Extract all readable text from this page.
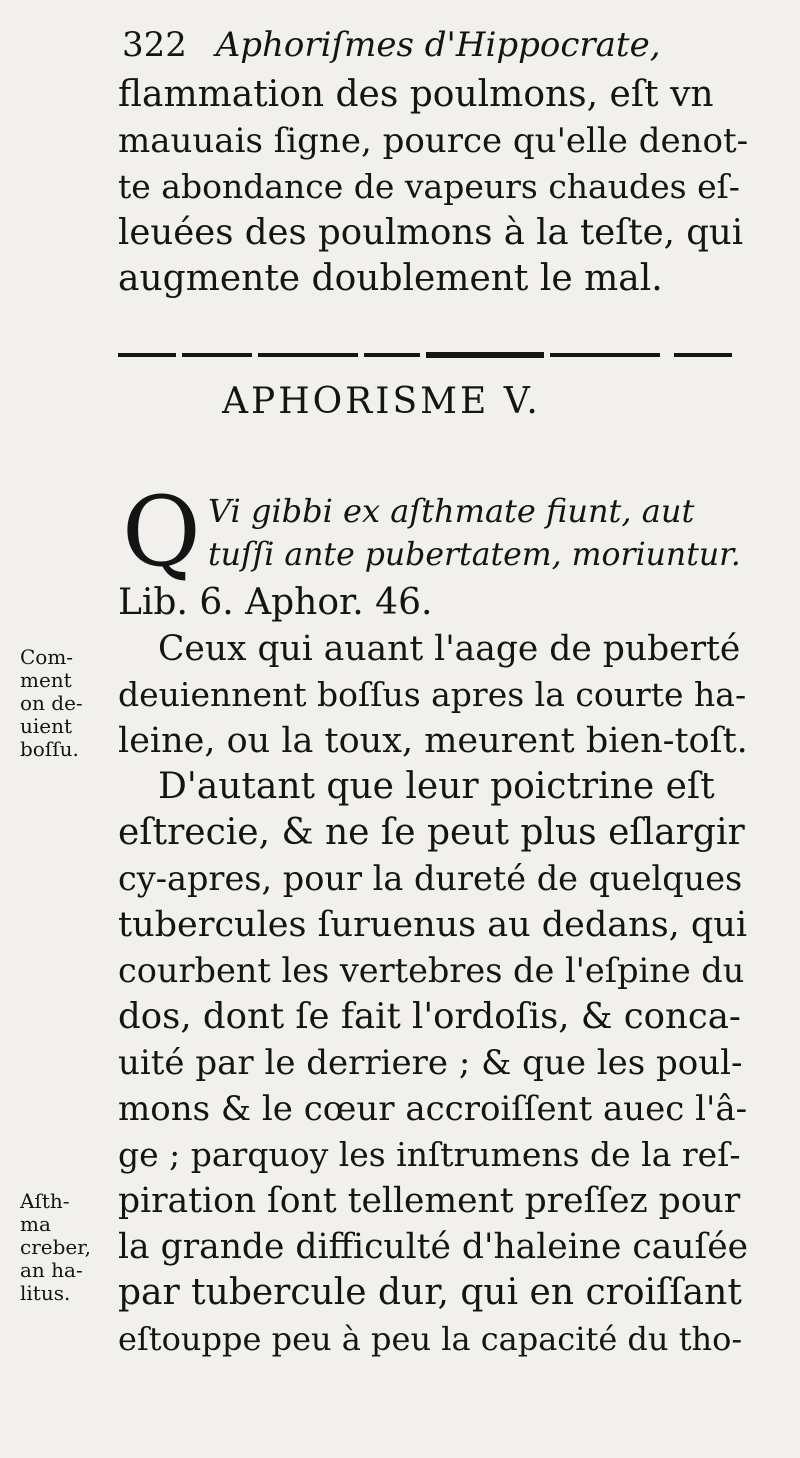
322 Aphoriſmes d'Hippocrate,
flammation des poulmons, eſt vn
mauuais ſigne, pource qu'elle denot-
te abondance de vapeurs chaudes eſ-
leuées des poulmons à la teſte, qui
augmente doublement le mal.
APHORISME V.
Q Vi gibbi ex aſthmate fiunt, aut
tuſſi ante pubertatem, moriuntur.
Lib. 6. Aphor. 46.
Ceux qui auant l'aage de puberté
deuiennent boſſus apres la courte ha-
leine, ou la toux, meurent bien-toſt.
D'autant que leur poictrine eſt
eſtrecie, & ne ſe peut plus eſlargir
cy-apres, pour la dureté de quelques
tubercules ſuruenus au dedans, qui
courbent les vertebres de l'eſpine du
dos, dont ſe fait l'ordoſis, & conca-
uité par le derriere ; & que les poul-
mons & le cœur accroiſſent auec l'â-
ge ; parquoy les inſtrumens de la reſ-
piration ſont tellement preſſez pour
la grande difficulté d'haleine cauſée
par tubercule dur, qui en croiſſant
eſtouppe peu à peu la capacité du tho-
Com-
ment
on de-
uient
boſſu.
Aſth-
ma
creber,
an ha-
litus.
